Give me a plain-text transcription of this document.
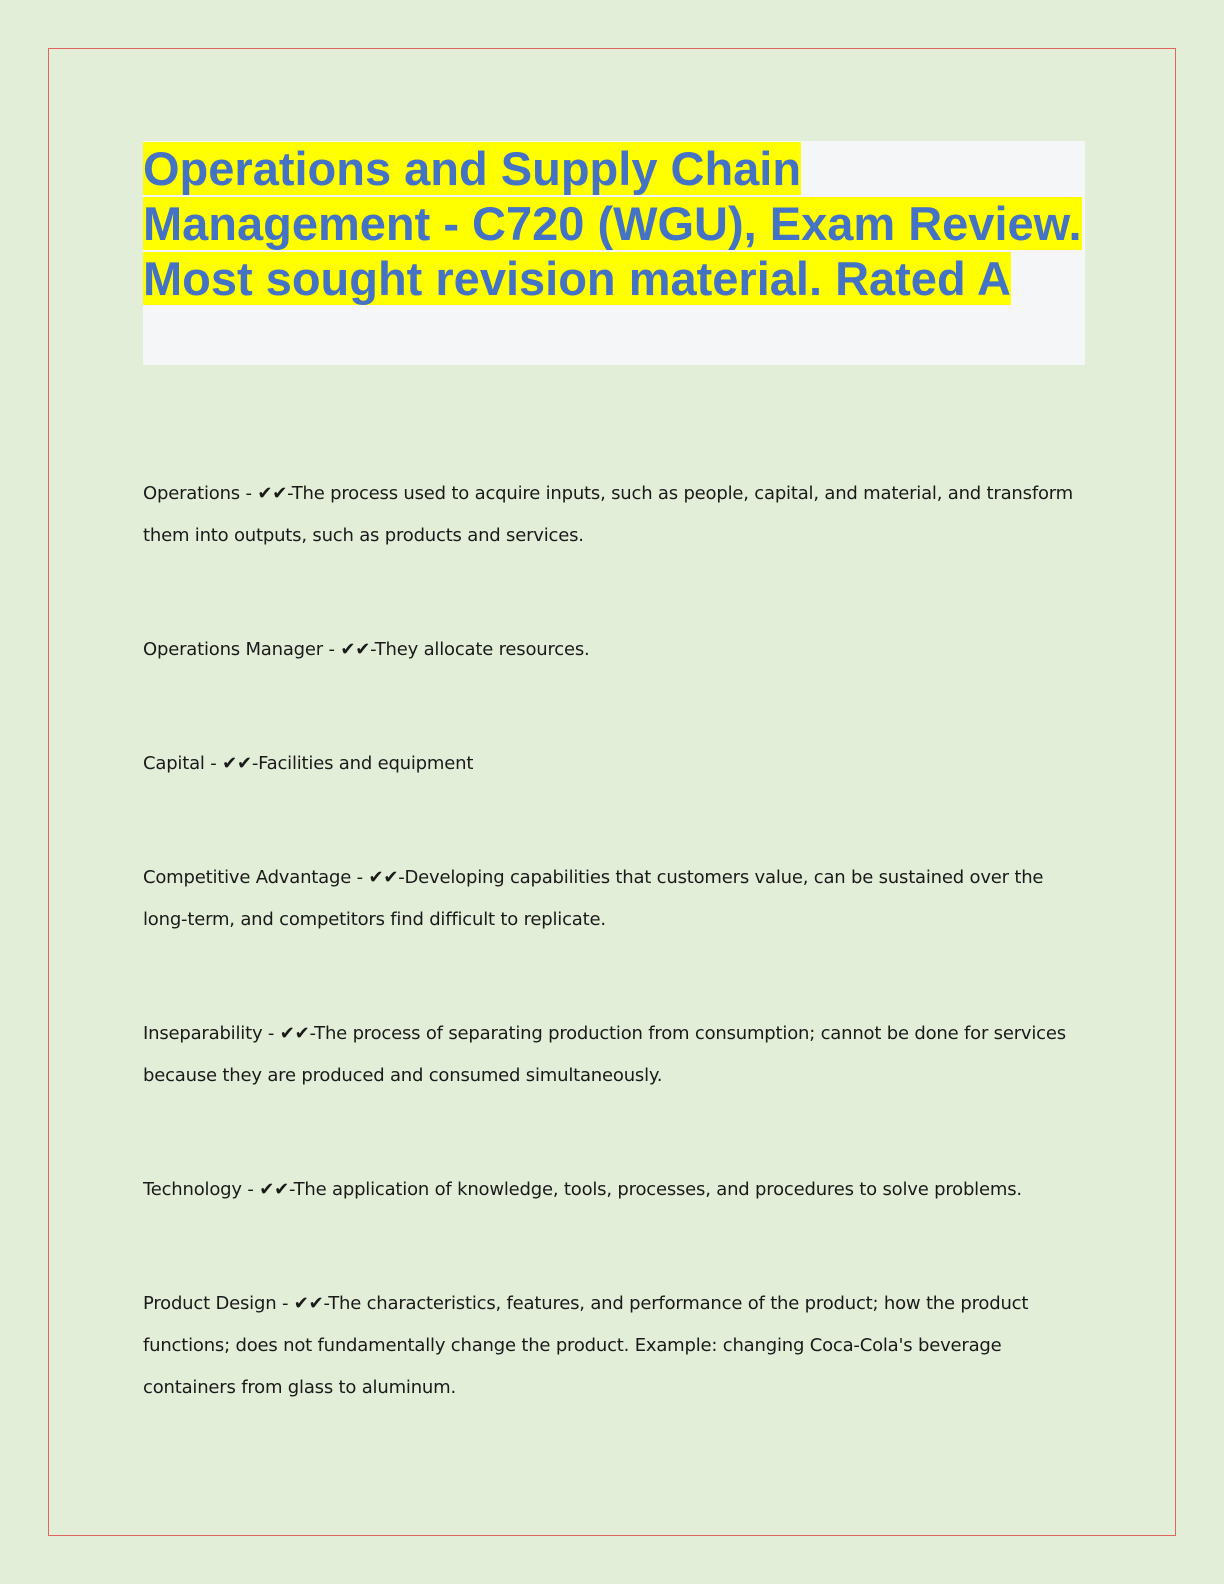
Operations and Supply Chain Management - C720 (WGU), Exam Review. Most sought revision material. Rated A

Operations - ✔✔-The process used to acquire inputs, such as people, capital, and material, and transform them into outputs, such as products and services.

Operations Manager - ✔✔-They allocate resources.

Capital - ✔✔-Facilities and equipment

Competitive Advantage - ✔✔-Developing capabilities that customers value, can be sustained over the long-term, and competitors find difficult to replicate.

Inseparability - ✔✔-The process of separating production from consumption; cannot be done for services because they are produced and consumed simultaneously.

Technology - ✔✔-The application of knowledge, tools, processes, and procedures to solve problems.

Product Design - ✔✔-The characteristics, features, and performance of the product; how the product functions; does not fundamentally change the product. Example: changing Coca-Cola's beverage containers from glass to aluminum.
